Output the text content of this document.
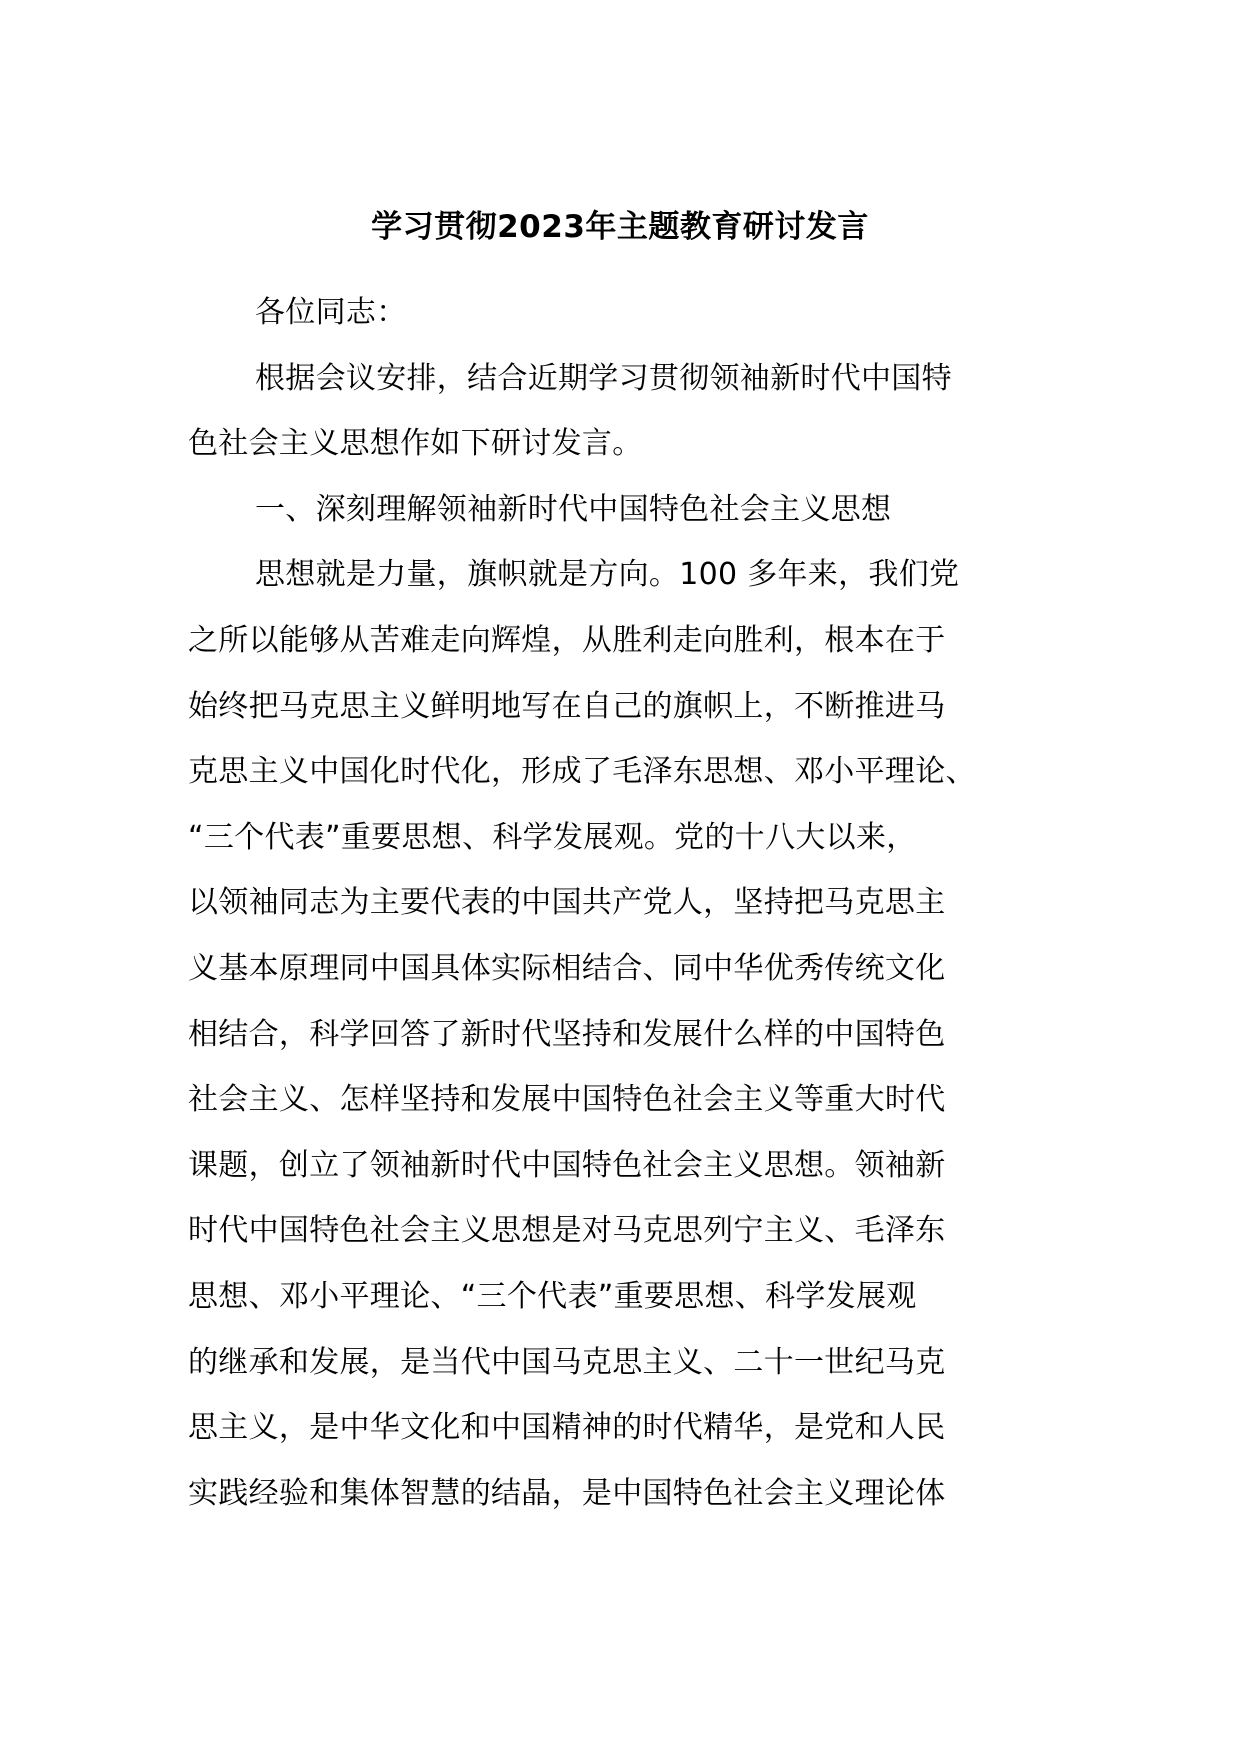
学习贯彻2023年主题教育研讨发言
各位同志：
根据会议安排，结合近期学习贯彻领袖新时代中国特
色社会主义思想作如下研讨发言。
一、深刻理解领袖新时代中国特色社会主义思想
思想就是力量，旗帜就是方向。100 多年来，我们党
之所以能够从苦难走向辉煌，从胜利走向胜利，根本在于
始终把马克思主义鲜明地写在自己的旗帜上，不断推进马
克思主义中国化时代化，形成了毛泽东思想、邓小平理论、
“三个代表”重要思想、科学发展观。党的十八大以来，
以领袖同志为主要代表的中国共产党人，坚持把马克思主
义基本原理同中国具体实际相结合、同中华优秀传统文化
相结合，科学回答了新时代坚持和发展什么样的中国特色
社会主义、怎样坚持和发展中国特色社会主义等重大时代
课题，创立了领袖新时代中国特色社会主义思想。领袖新
时代中国特色社会主义思想是对马克思列宁主义、毛泽东
思想、邓小平理论、“三个代表”重要思想、科学发展观
的继承和发展，是当代中国马克思主义、二十一世纪马克
思主义，是中华文化和中国精神的时代精华，是党和人民
实践经验和集体智慧的结晶，是中国特色社会主义理论体
